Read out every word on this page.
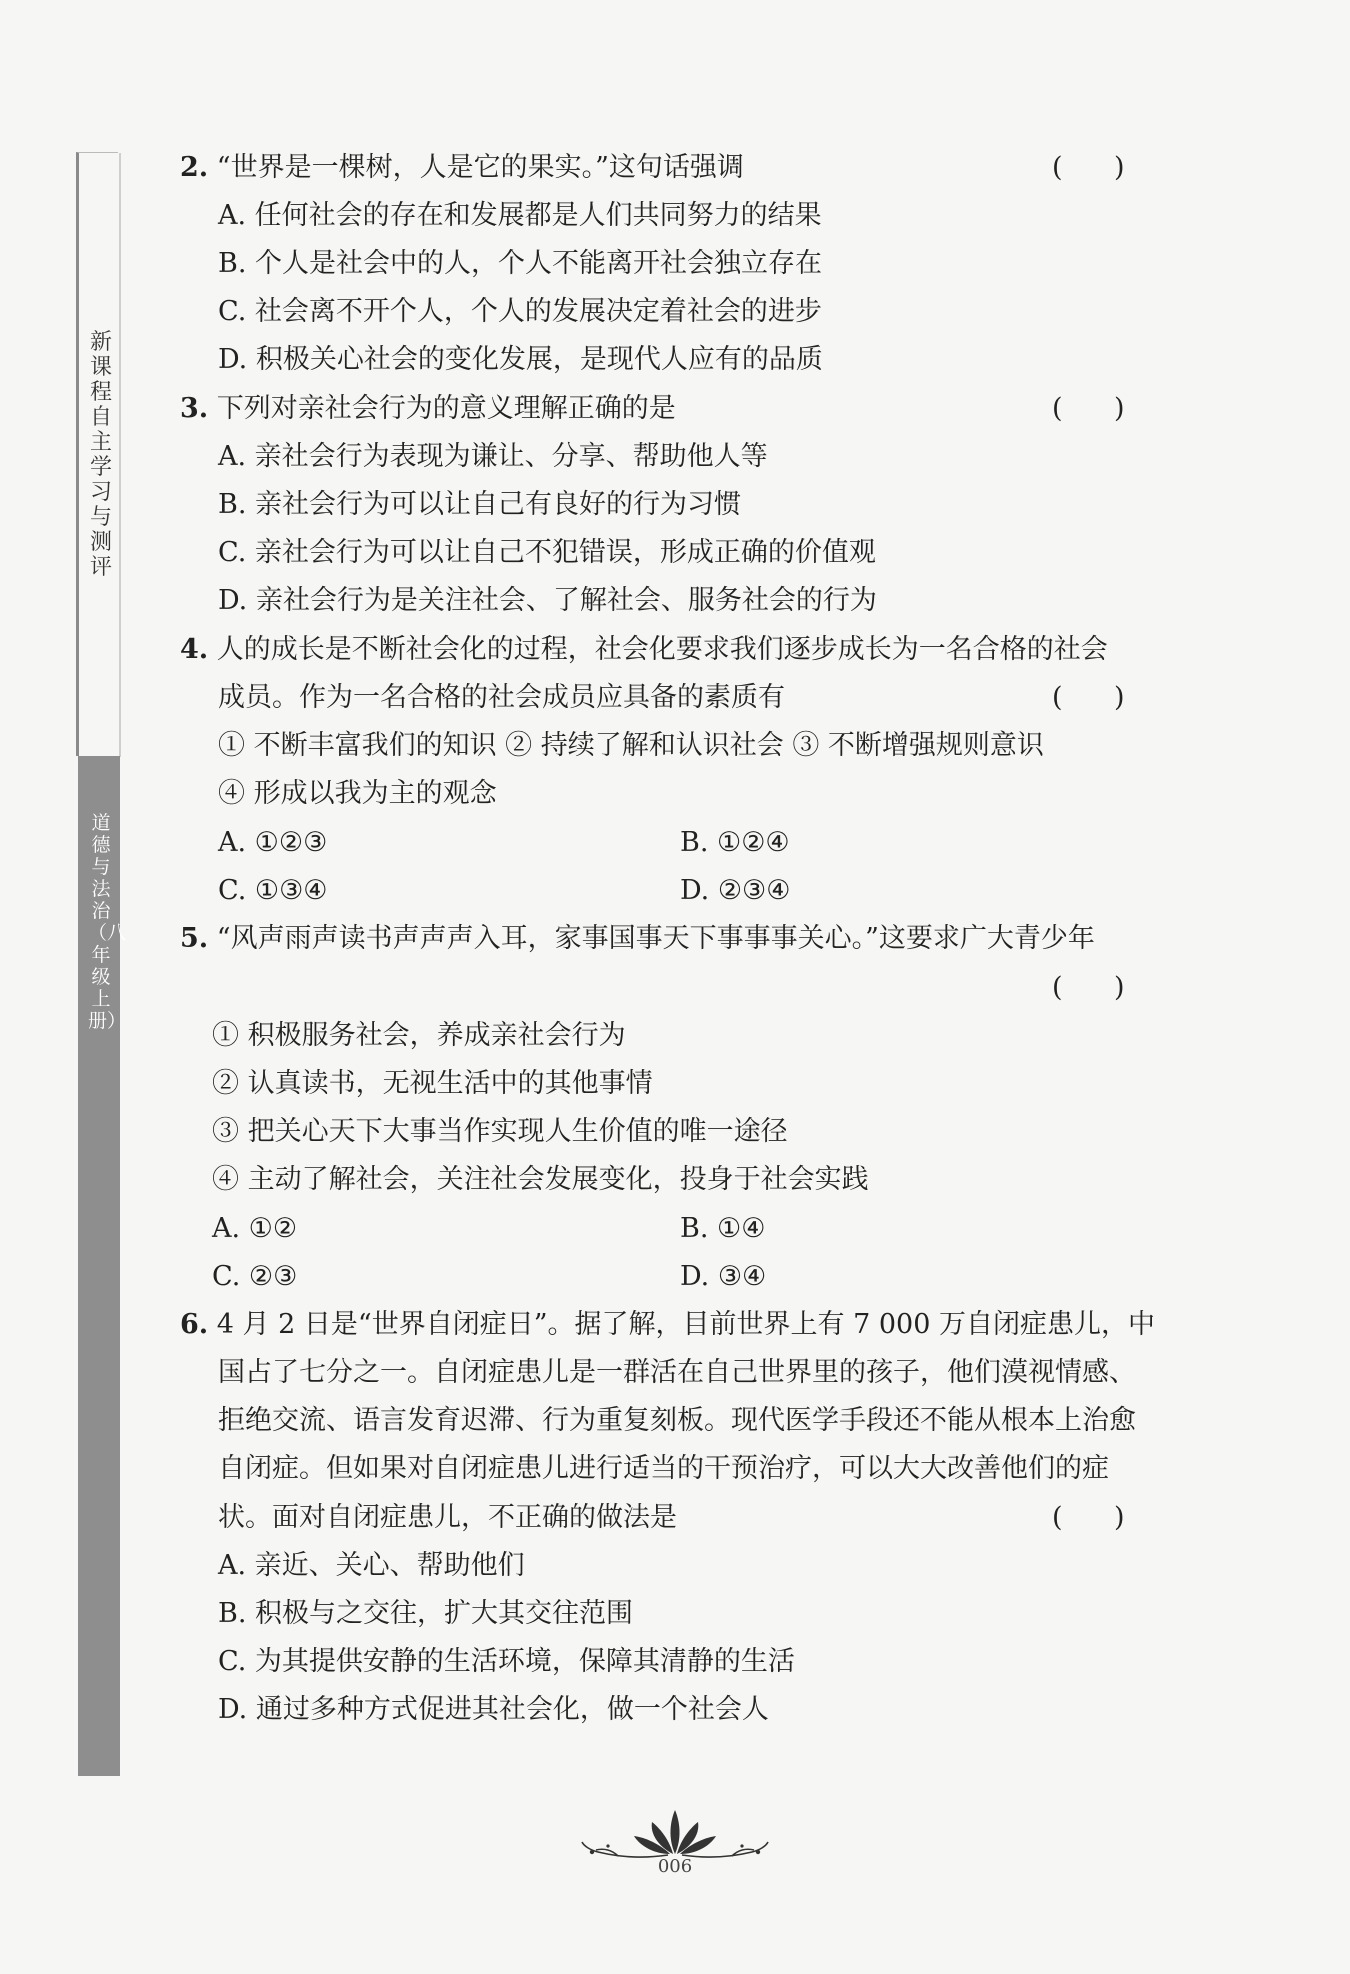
新课程自主学习与测评
道德与法治（八年级上册）
2. “世界是一棵树，人是它的果实。”这句话强调	(      )
A. 任何社会的存在和发展都是人们共同努力的结果
B. 个人是社会中的人，个人不能离开社会独立存在
C. 社会离不开个人，个人的发展决定着社会的进步
D. 积极关心社会的变化发展，是现代人应有的品质
3. 下列对亲社会行为的意义理解正确的是	(      )
A. 亲社会行为表现为谦让、分享、帮助他人等
B. 亲社会行为可以让自己有良好的行为习惯
C. 亲社会行为可以让自己不犯错误，形成正确的价值观
D. 亲社会行为是关注社会、了解社会、服务社会的行为
4. 人的成长是不断社会化的过程，社会化要求我们逐步成长为一名合格的社会
成员。作为一名合格的社会成员应具备的素质有	(      )
① 不断丰富我们的知识 ② 持续了解和认识社会 ③ 不断增强规则意识
④ 形成以我为主的观念
A. ①②③	B. ①②④
C. ①③④	D. ②③④
5. “风声雨声读书声声声入耳，家事国事天下事事事关心。”这要求广大青少年
(      )
① 积极服务社会，养成亲社会行为
② 认真读书，无视生活中的其他事情
③ 把关心天下大事当作实现人生价值的唯一途径
④ 主动了解社会，关注社会发展变化，投身于社会实践
A. ①②	B. ①④
C. ②③	D. ③④
6. 4 月 2 日是“世界自闭症日”。据了解，目前世界上有 7 000 万自闭症患儿，中
国占了七分之一。自闭症患儿是一群活在自己世界里的孩子，他们漠视情感、
拒绝交流、语言发育迟滞、行为重复刻板。现代医学手段还不能从根本上治愈
自闭症。但如果对自闭症患儿进行适当的干预治疗，可以大大改善他们的症
状。面对自闭症患儿，不正确的做法是	(      )
A. 亲近、关心、帮助他们
B. 积极与之交往，扩大其交往范围
C. 为其提供安静的生活环境，保障其清静的生活
D. 通过多种方式促进其社会化，做一个社会人
006
